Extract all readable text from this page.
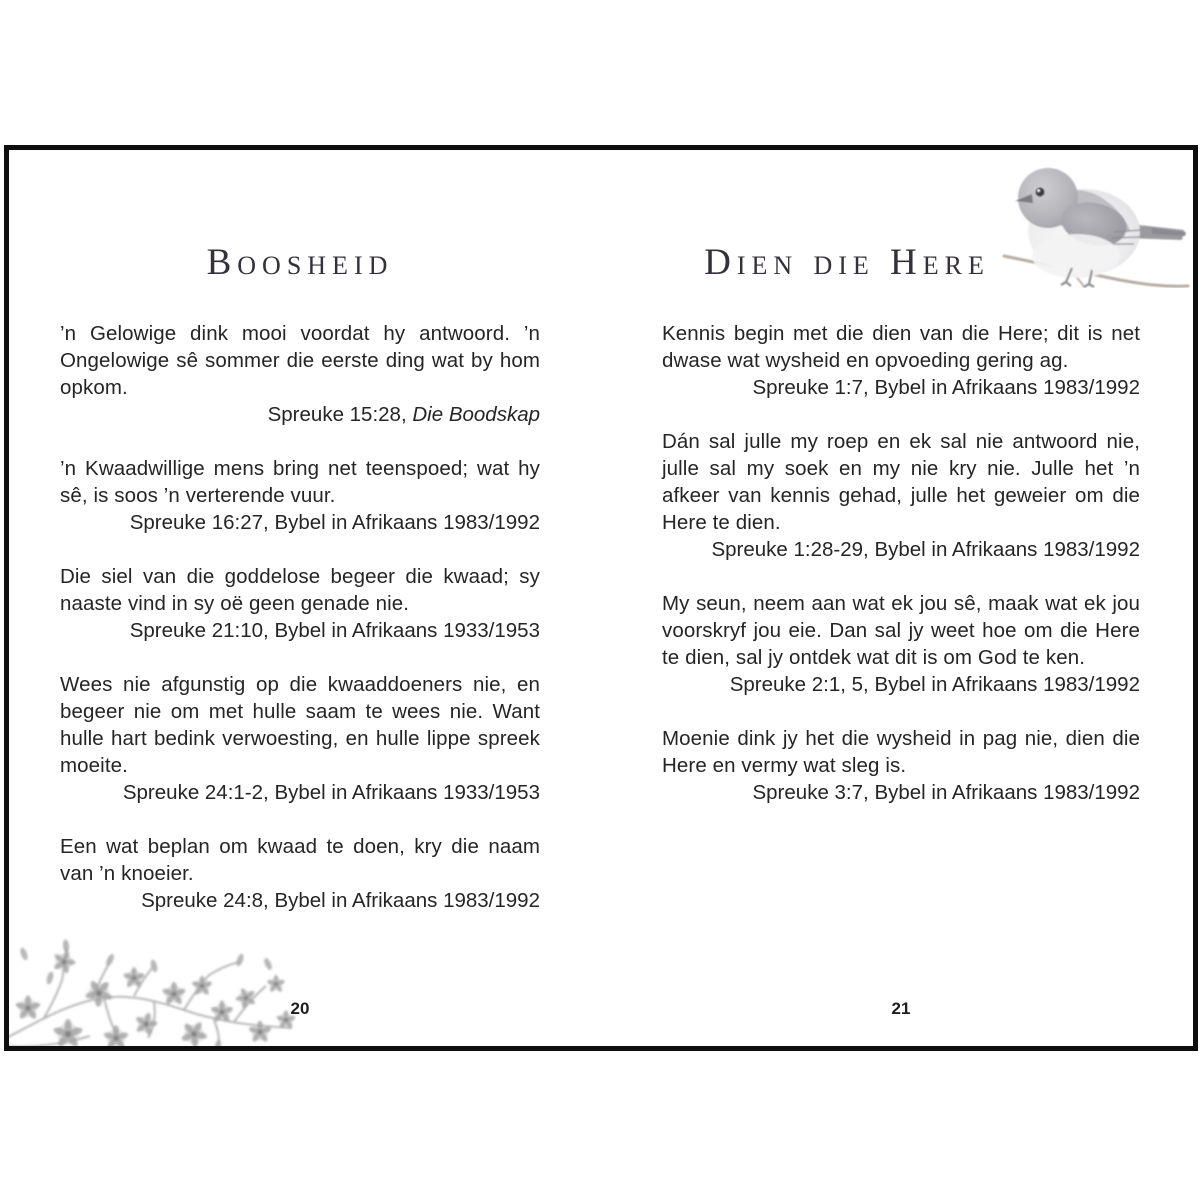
Boosheid

’n Gelowige dink mooi voordat hy antwoord. ’n Ongelowige sê sommer die eerste ding wat by hom opkom.

Spreuke 15:28, Die Boodskap

’n Kwaadwillige mens bring net teenspoed; wat hy sê, is soos ’n verterende vuur.

Spreuke 16:27, Bybel in Afrikaans 1983/1992

Die siel van die goddelose begeer die kwaad; sy naaste vind in sy oë geen genade nie.

Spreuke 21:10, Bybel in Afrikaans 1933/1953

Wees nie afgunstig op die kwaaddoeners nie, en begeer nie om met hulle saam te wees nie. Want hulle hart bedink verwoesting, en hulle lippe spreek moeite.

Spreuke 24:1-2, Bybel in Afrikaans 1933/1953

Een wat beplan om kwaad te doen, kry die naam van ’n knoeier.

Spreuke 24:8, Bybel in Afrikaans 1983/1992

20
Dien die Here

Kennis begin met die dien van die Here; dit is net dwase wat wysheid en opvoeding gering ag.

Spreuke 1:7, Bybel in Afrikaans 1983/1992

Dán sal julle my roep en ek sal nie antwoord nie, julle sal my soek en my nie kry nie. Julle het ’n afkeer van kennis gehad, julle het geweier om die Here te dien.

Spreuke 1:28-29, Bybel in Afrikaans 1983/1992

My seun, neem aan wat ek jou sê, maak wat ek jou voorskryf jou eie. Dan sal jy weet hoe om die Here te dien, sal jy ontdek wat dit is om God te ken.

Spreuke 2:1, 5, Bybel in Afrikaans 1983/1992

Moenie dink jy het die wysheid in pag nie, dien die Here en vermy wat sleg is.

Spreuke 3:7, Bybel in Afrikaans 1983/1992

21
